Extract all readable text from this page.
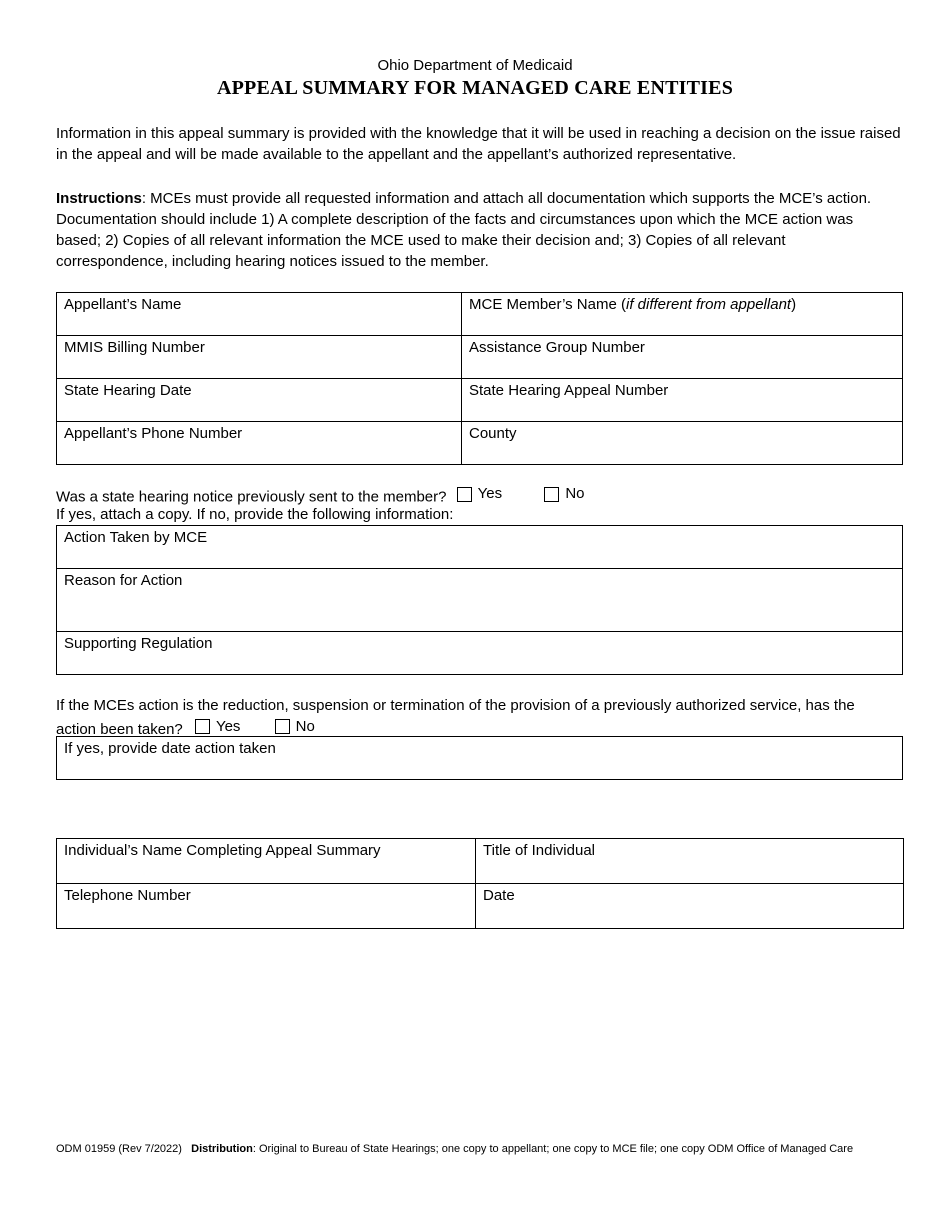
Ohio Department of Medicaid
APPEAL SUMMARY FOR MANAGED CARE ENTITIES
Information in this appeal summary is provided with the knowledge that it will be used in reaching a decision on the issue raised in the appeal and will be made available to the appellant and the appellant’s authorized representative.
Instructions: MCEs must provide all requested information and attach all documentation which supports the MCE’s action. Documentation should include 1) A complete description of the facts and circumstances upon which the MCE action was based; 2) Copies of all relevant information the MCE used to make their decision and; 3) Copies of all relevant correspondence, including hearing notices issued to the member.
Appellant’s Name	MCE Member’s Name (if different from appellant)
MMIS Billing Number	Assistance Group Number
State Hearing Date	State Hearing Appeal Number
Appellant’s Phone Number	County
Was a state hearing notice previously sent to the member? Yes
	No
If yes, attach a copy. If no, provide the following information:
Action Taken by MCE
Reason for Action
Supporting Regulation
If the MCEs action is the reduction, suspension or termination of the provision of a previously authorized service, has the
action been taken? Yes
	No
If yes, provide date action taken
Individual’s Name Completing Appeal Summary	Title of Individual
Telephone Number	Date
ODM 01959 (Rev 7/2022) Distribution: Original to Bureau of State Hearings; one copy to appellant; one copy to MCE file; one copy ODM Office of Managed Care
